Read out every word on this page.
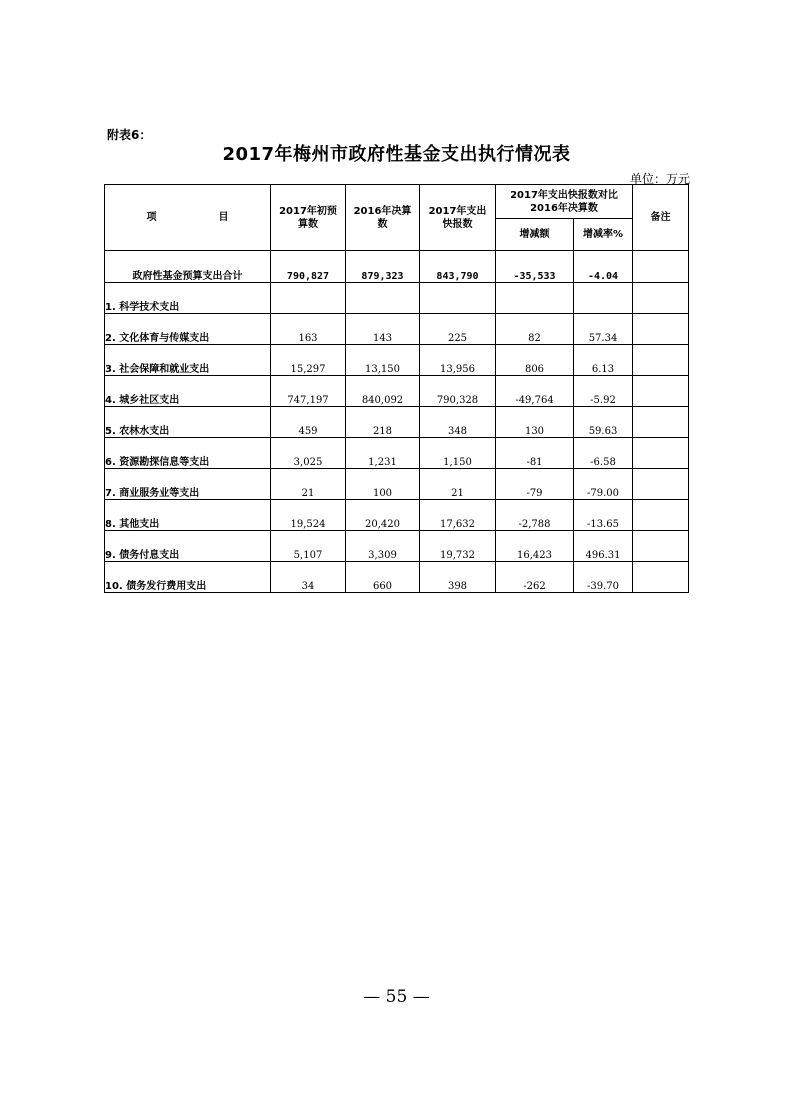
附表6：
2017年梅州市政府性基金支出执行情况表
单位：万元
项 目	2017年初预算数	2016年决算数	2017年支出快报数	2017年支出快报数对比2016年决算数		备注
				增减额	增减率%	
政府性基金预算支出合计	790,827	879,323	843,790	-35,533	-4.04	
1. 科学技术支出						
2. 文化体育与传媒支出	163	143	225	82	57.34	
3. 社会保障和就业支出	15,297	13,150	13,956	806	6.13	
4. 城乡社区支出	747,197	840,092	790,328	-49,764	-5.92	
5. 农林水支出	459	218	348	130	59.63	
6. 资源勘探信息等支出	3,025	1,231	1,150	-81	-6.58	
7. 商业服务业等支出	21	100	21	-79	-79.00	
8. 其他支出	19,524	20,420	17,632	-2,788	-13.65	
9. 债务付息支出	5,107	3,309	19,732	16,423	496.31	
10. 债务发行费用支出	34	660	398	-262	-39.70	
— 55 —
